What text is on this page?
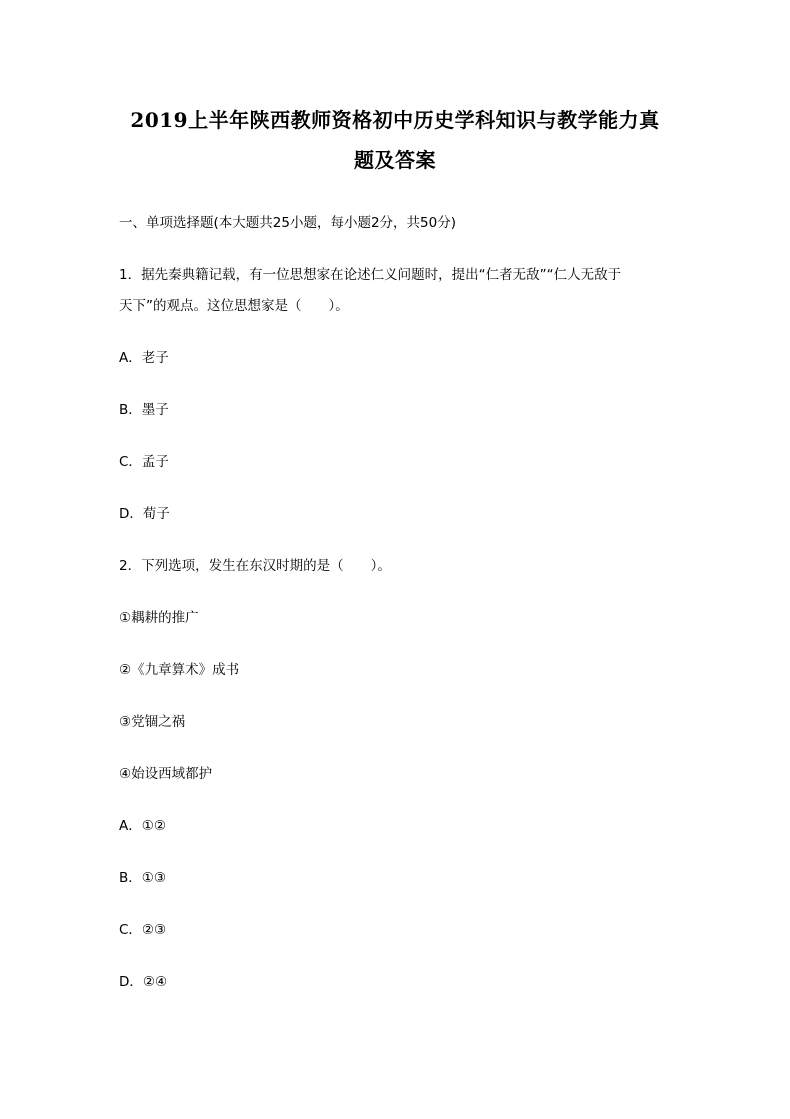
2019上半年陕西教师资格初中历史学科知识与教学能力真
题及答案
一、单项选择题(本大题共25小题，每小题2分，共50分)
1．据先秦典籍记载，有一位思想家在论述仁义问题时，提出“仁者无敌”“仁人无敌于
天下”的观点。这位思想家是（　　）。
A．老子
B．墨子
C．孟子
D．荀子
2．下列选项，发生在东汉时期的是（　　）。
①耦耕的推广
②《九章算术》成书
③党锢之祸
④始设西域都护
A．①②
B．①③
C．②③
D．②④
